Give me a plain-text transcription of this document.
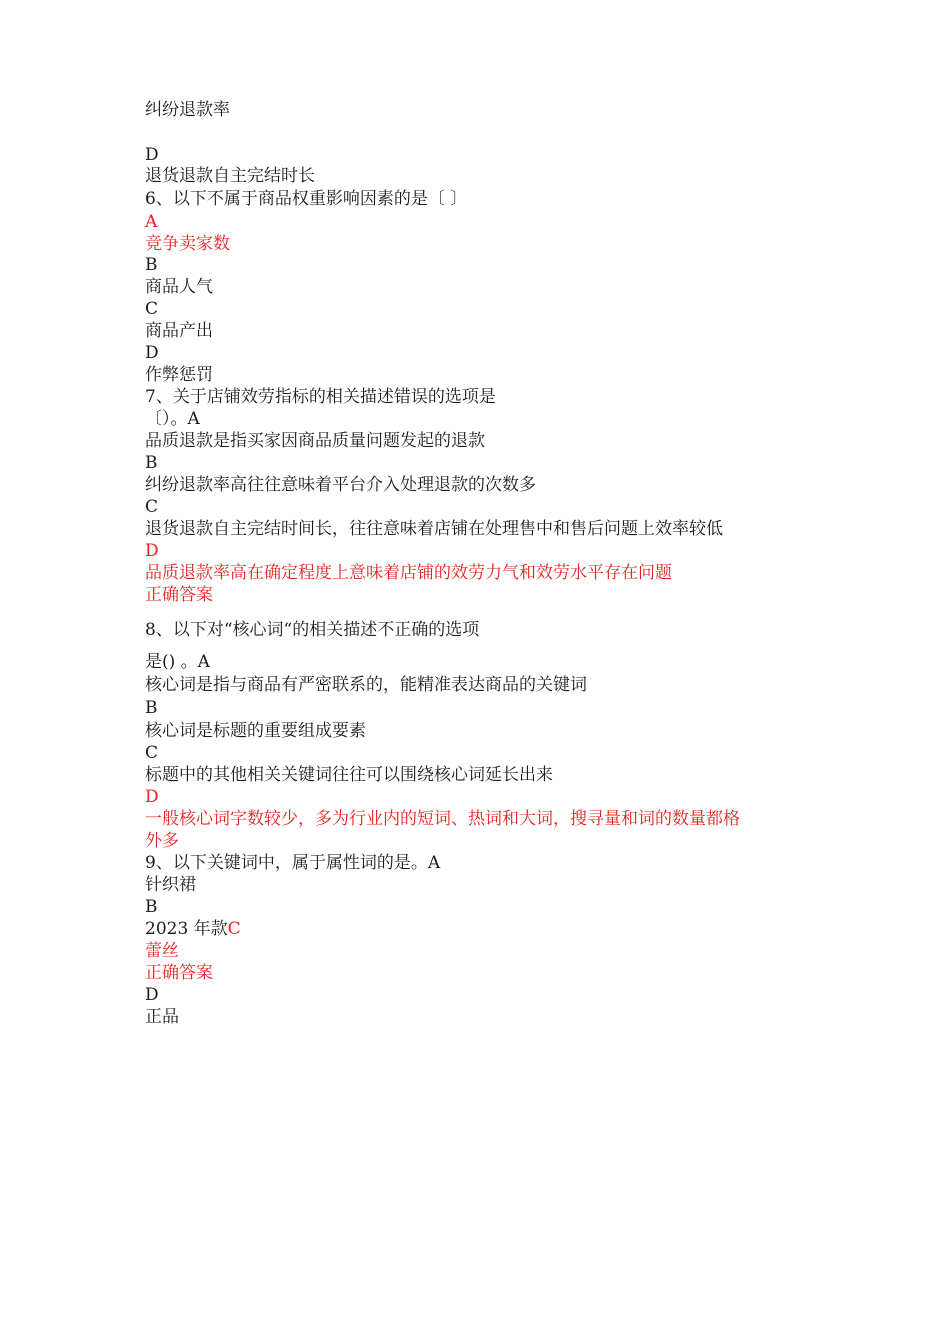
纠纷退款率
D
退货退款自主完结时长
6、以下不属于商品权重影响因素的是〔 〕
A
竞争卖家数
B
商品人气
C
商品产出
D
作弊惩罚
7、关于店铺效劳指标的相关描述错误的选项是
〔）。A
品质退款是指买家因商品质量问题发起的退款
B
纠纷退款率高往往意味着平台介入处理退款的次数多
C
退货退款自主完结时间长，往往意味着店铺在处理售中和售后问题上效率较低
D
品质退款率高在确定程度上意味着店铺的效劳力气和效劳水平存在问题
正确答案
8、以下对“核心词“的相关描述不正确的选项
是() 。A
核心词是指与商品有严密联系的，能精准表达商品的关键词
B
核心词是标题的重要组成要素
C
标题中的其他相关关键词往往可以围绕核心词延长出来
D
一般核心词字数较少，多为行业内的短词、热词和大词，搜寻量和词的数量都格
外多
9、以下关键词中，属于属性词的是。A
针织裙
B
2023 年款C
蕾丝
正确答案
D
正品
